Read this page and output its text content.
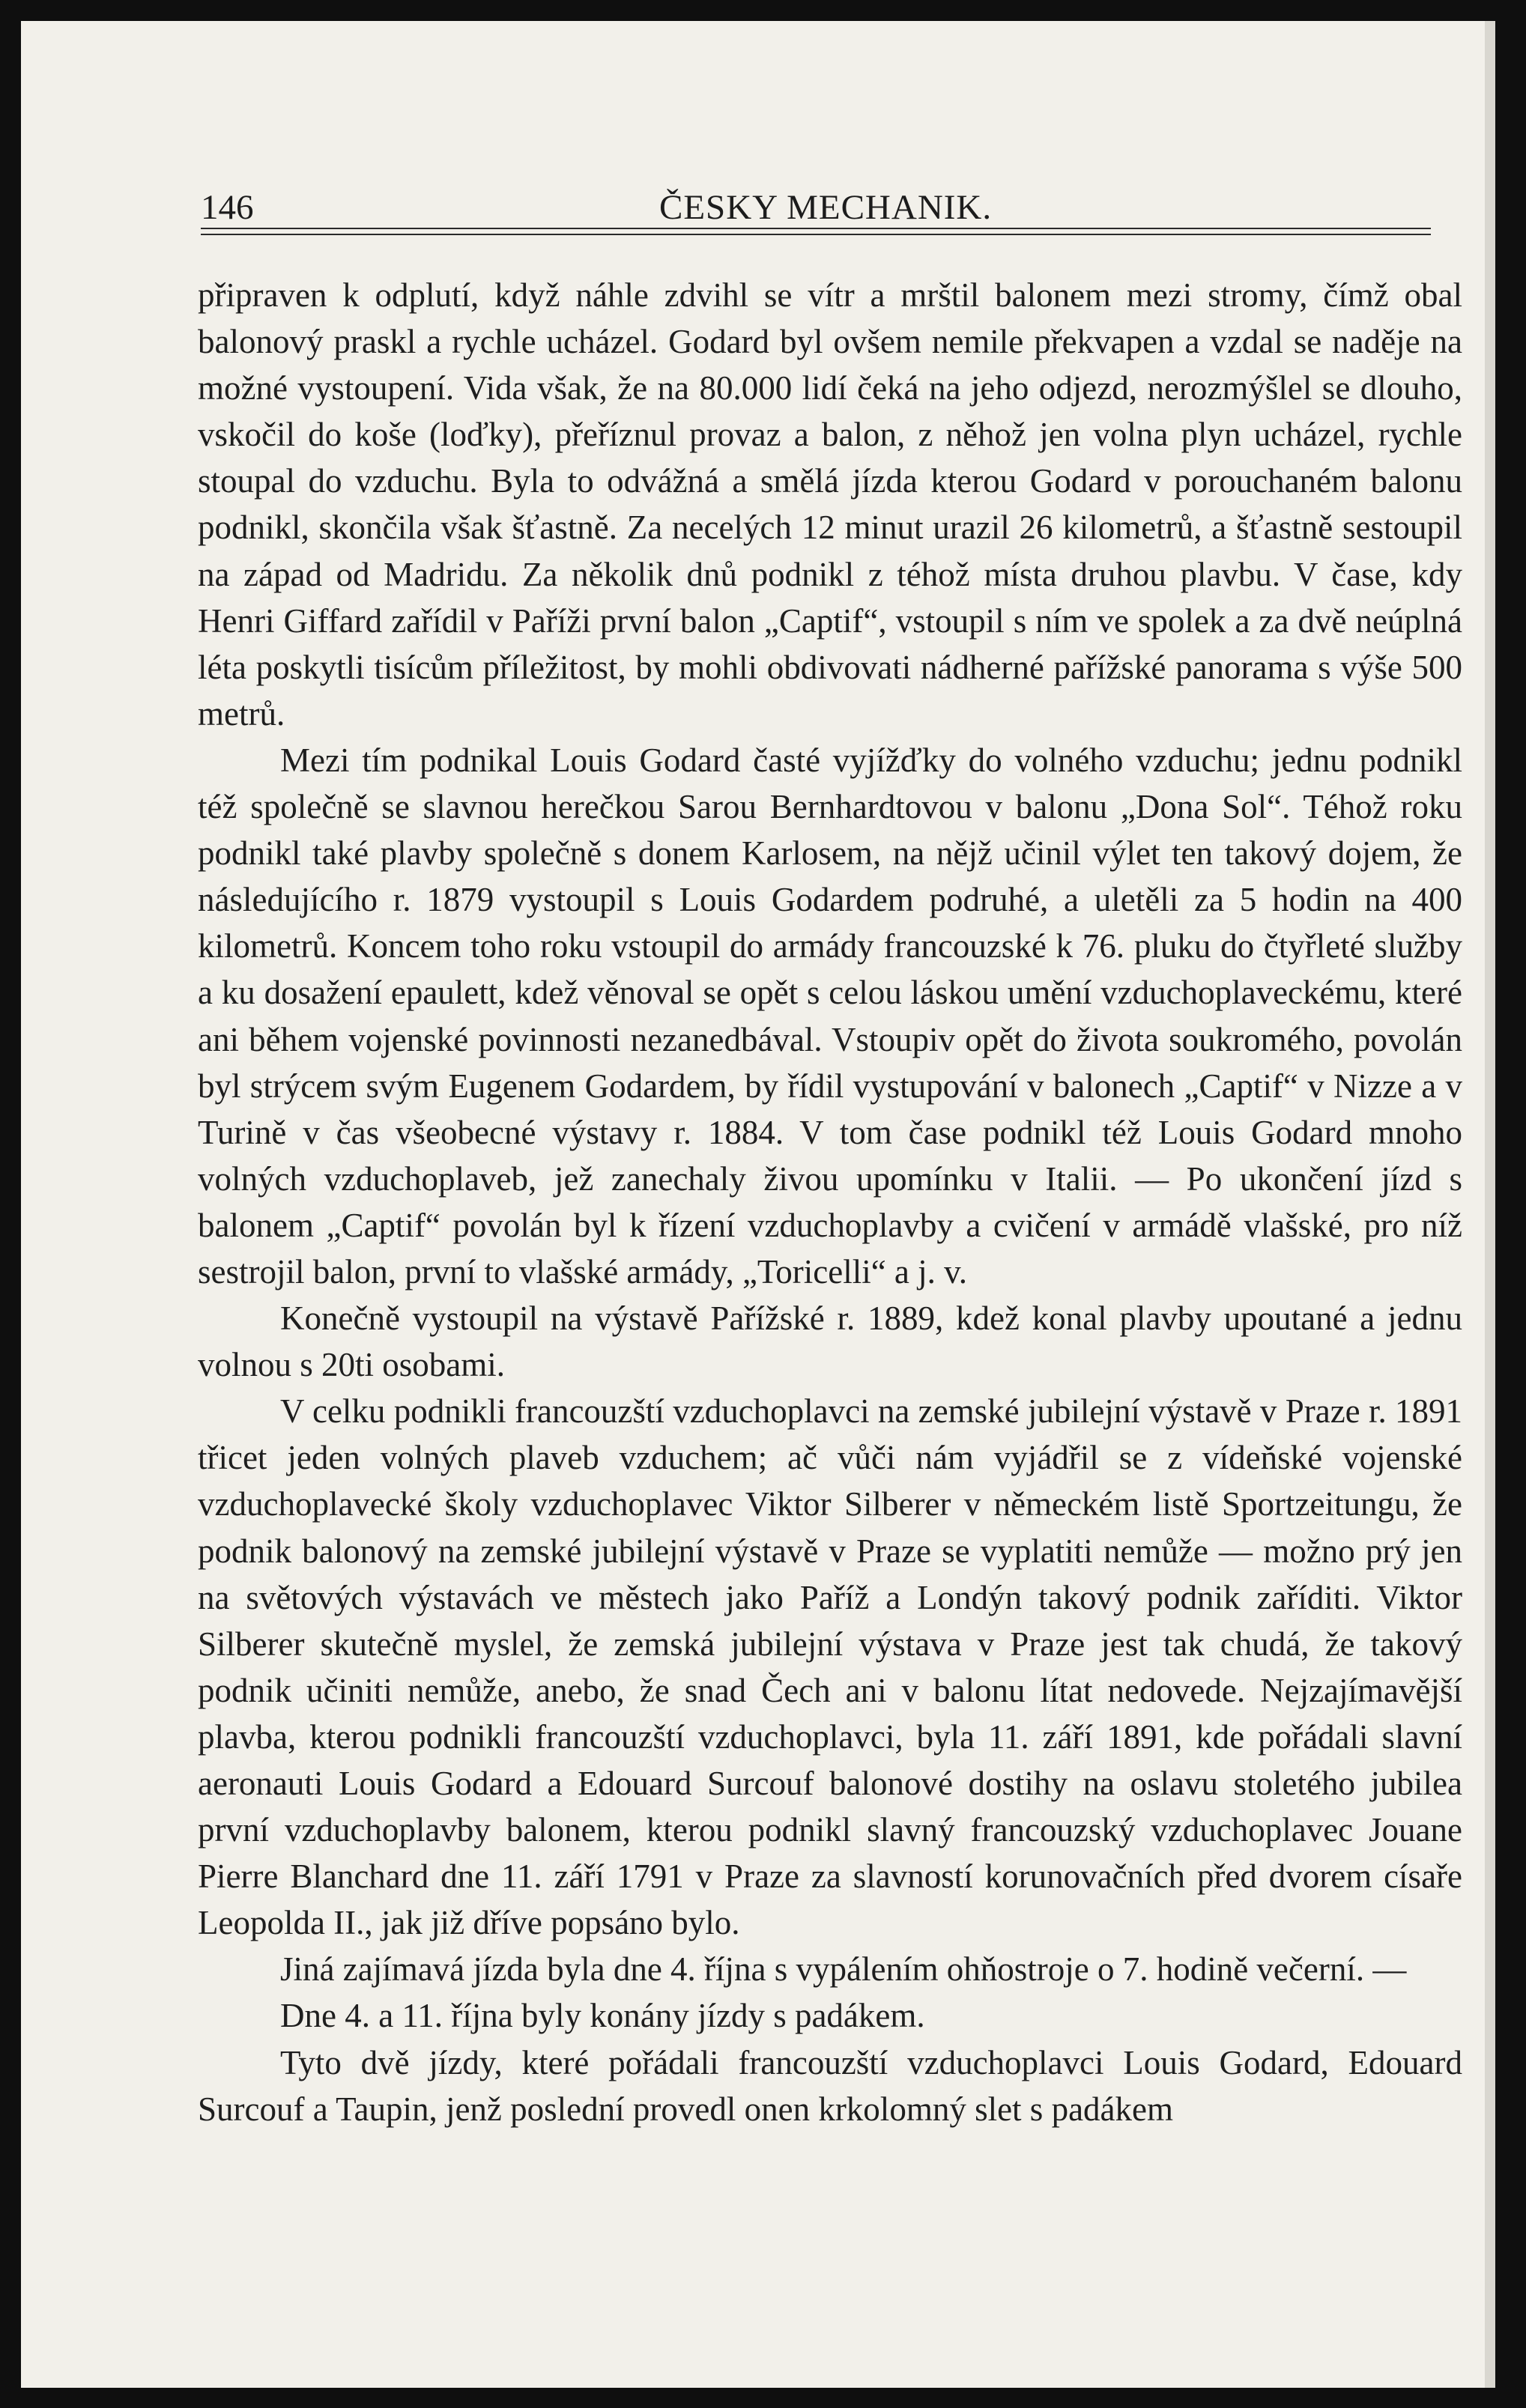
146	ČESKY MECHANIK.

připraven k odplutí, když náhle zdvihl se vítr a mrštil balonem mezi stromy, čímž obal balonový praskl a rychle ucházel. Godard byl ovšem nemile překvapen a vzdal se naděje na možné vystoupení. Vida však, že na 80.000 lidí čeká na jeho odjezd, nerozmýšlel se dlouho, vskočil do koše (loďky), přeříznul provaz a balon, z něhož jen volna plyn ucházel, rychle stoupal do vzduchu. Byla to odvážná a smělá jízda kterou Godard v porouchaném balonu podnikl, skončila však šťastně. Za necelých 12 minut urazil 26 kilometrů, a šťastně sestoupil na západ od Madridu. Za několik dnů podnikl z téhož místa druhou plavbu. V čase, kdy Henri Giffard zařídil v Paříži první balon „Captif“, vstoupil s ním ve spolek a za dvě neúplná léta poskytli tisícům příležitost, by mohli obdivovati nádherné pařížské panorama s výše 500 metrů.

Mezi tím podnikal Louis Godard časté vyjížďky do volného vzduchu; jednu podnikl též společně se slavnou herečkou Sarou Bernhardtovou v balonu „Dona Sol“. Téhož roku podnikl také plavby společně s donem Karlosem, na nějž učinil výlet ten takový dojem, že následujícího r. 1879 vystoupil s Louis Godardem podruhé, a uletěli za 5 hodin na 400 kilometrů. Koncem toho roku vstoupil do armády francouzské k 76. pluku do čtyřleté služby a ku dosažení epaulett, kdež věnoval se opět s celou láskou umění vzduchoplaveckému, které ani během vojenské povinnosti nezanedbával. Vstoupiv opět do života soukromého, povolán byl strýcem svým Eugenem Godardem, by řídil vystupování v balonech „Captif“ v Nizze a v Turině v čas všeobecné výstavy r. 1884. V tom čase podnikl též Louis Godard mnoho volných vzduchoplaveb, jež zanechaly živou upomínku v Italii. — Po ukončení jízd s balonem „Captif“ povolán byl k řízení vzduchoplavby a cvičení v armádě vlašské, pro níž sestrojil balon, první to vlašské armády, „Toricelli“ a j. v.

Konečně vystoupil na výstavě Pařížské r. 1889, kdež konal plavby upoutané a jednu volnou s 20ti osobami.

V celku podnikli francouzští vzduchoplavci na zemské jubilejní výstavě v Praze r. 1891 třicet jeden volných plaveb vzduchem; ač vůči nám vyjádřil se z vídeňské vojenské vzduchoplavecké školy vzduchoplavec Viktor Silberer v německém listě Sportzeitungu, že podnik balonový na zemské jubilejní výstavě v Praze se vyplatiti nemůže — možno prý jen na světových výstavách ve městech jako Paříž a Londýn takový podnik zaříditi. Viktor Silberer skutečně myslel, že zemská jubilejní výstava v Praze jest tak chudá, že takový podnik učiniti nemůže, anebo, že snad Čech ani v balonu lítat nedovede. Nejzajímavější plavba, kterou podnikli francouzští vzduchoplavci, byla 11. září 1891, kde pořádali slavní aeronauti Louis Godard a Edouard Surcouf balonové dostihy na oslavu stoletého jubilea první vzduchoplavby balonem, kterou podnikl slavný francouzský vzduchoplavec Jouane Pierre Blanchard dne 11. září 1791 v Praze za slavností korunovačních před dvorem císaře Leopolda II., jak již dříve popsáno bylo.

Jiná zajímavá jízda byla dne 4. října s vypálením ohňostroje o 7. hodině večerní. —

Dne 4. a 11. října byly konány jízdy s padákem.

Tyto dvě jízdy, které pořádali francouzští vzduchoplavci Louis Godard, Edouard Surcouf a Taupin, jenž poslední provedl onen krkolomný slet s padákem
